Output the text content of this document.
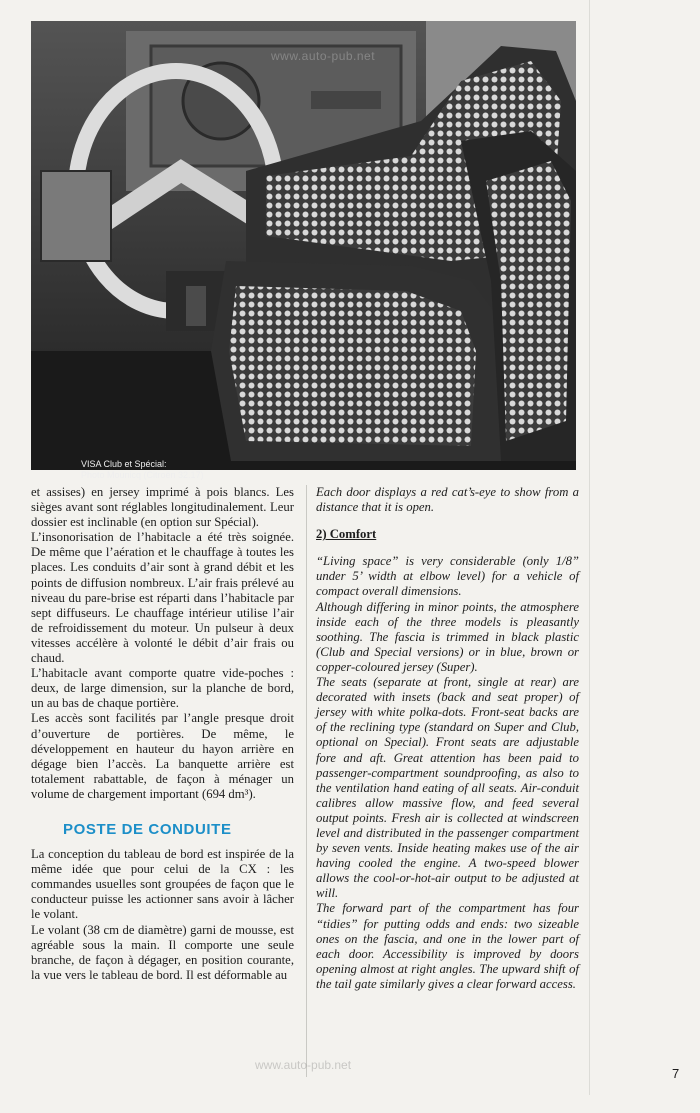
www.auto-pub.net
VISA Club et Spécial:
Photo Mounicq (Citroën 32.17)

et assises) en jersey imprimé à pois blancs. Les sièges avant sont réglables longitudinalement. Leur dossier est inclinable (en option sur Spécial).

L’insonorisation de l’habitacle a été très soignée. De même que l’aération et le chauffage à toutes les places. Les conduits d’air sont à grand débit et les points de diffusion nombreux. L’air frais prélevé au niveau du pare-brise est réparti dans l’habitacle par sept diffuseurs. Le chauffage intérieur utilise l’air de refroidissement du moteur. Un pulseur à deux vitesses accélère à volonté le débit d’air frais ou chaud.

L’habitacle avant comporte quatre vide-poches : deux, de large dimension, sur la planche de bord, un au bas de chaque portière.

Les accès sont facilités par l’angle presque droit d’ouverture de portières. De même, le développement en hauteur du hayon arrière en dégage bien l’accès. La banquette arrière est totalement rabattable, de façon à ménager un volume de chargement important (694 dm³).

POSTE DE CONDUITE

La conception du tableau de bord est inspirée de la même idée que pour celui de la CX : les commandes usuelles sont groupées de façon que le conducteur puisse les actionner sans avoir à lâcher le volant.

Le volant (38 cm de diamètre) garni de mousse, est agréable sous la main. Il comporte une seule branche, de façon à dégager, en position courante, la vue vers le tableau de bord. Il est déformable au

Each door displays a red cat’s-eye to show from a distance that it is open.

2) Comfort

“Living space” is very considerable (only 1/8” under 5’ width at elbow level) for a vehicle of compact overall dimensions.

Although differing in minor points, the atmosphere inside each of the three models is pleasantly soothing. The fascia is trimmed in black plastic (Club and Special versions) or in blue, brown or copper-coloured jersey (Super).

The seats (separate at front, single at rear) are decorated with insets (back and seat proper) of jersey with white polka-dots. Front-seat backs are of the reclining type (standard on Super and Club, optional on Special). Front seats are adjustable fore and aft. Great attention has been paid to passenger-compartment soundproofing, as also to the ventilation hand eating of all seats. Air-conduit calibres allow massive flow, and feed several output points. Fresh air is collected at windscreen level and distributed in the passenger compartment by seven vents. Inside heating makes use of the air having cooled the engine. A two-speed blower allows the cool-or-hot-air output to be adjusted at will.

The forward part of the compartment has four “tidies” for putting odds and ends: two sizeable ones on the fascia, and one in the lower part of each door. Accessibility is improved by doors opening almost at right angles. The upward shift of the tail gate similarly gives a clear forward access.

www.auto-pub.net
7
